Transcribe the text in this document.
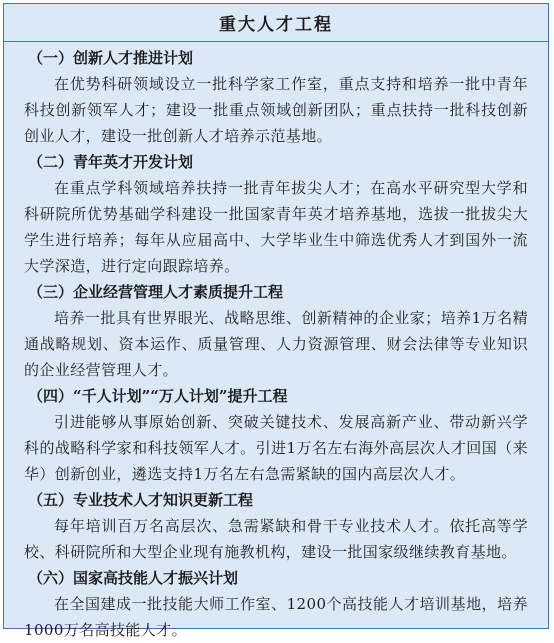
重大人才工程

（一）创新人才推进计划

在优势科研领域设立一批科学家工作室，重点支持和培养一批中青年科技创新领军人才；建设一批重点领域创新团队；重点扶持一批科技创新创业人才，建设一批创新人才培养示范基地。

（二）青年英才开发计划

在重点学科领域培养扶持一批青年拔尖人才；在高水平研究型大学和科研院所优势基础学科建设一批国家青年英才培养基地，选拔一批拔尖大学生进行培养；每年从应届高中、大学毕业生中筛选优秀人才到国外一流大学深造，进行定向跟踪培养。

（三）企业经营管理人才素质提升工程

培养一批具有世界眼光、战略思维、创新精神的企业家；培养1万名精通战略规划、资本运作、质量管理、人力资源管理、财会法律等专业知识的企业经营管理人才。

（四）“千人计划”“万人计划”提升工程

引进能够从事原始创新、突破关键技术、发展高新产业、带动新兴学科的战略科学家和科技领军人才。引进1万名左右海外高层次人才回国（来华）创新创业，遴选支持1万名左右急需紧缺的国内高层次人才。

（五）专业技术人才知识更新工程

每年培训百万名高层次、急需紧缺和骨干专业技术人才。依托高等学校、科研院所和大型企业现有施教机构，建设一批国家级继续教育基地。

（六）国家高技能人才振兴计划

在全国建成一批技能大师工作室、1200个高技能人才培训基地，培养1000万名高技能人才。
